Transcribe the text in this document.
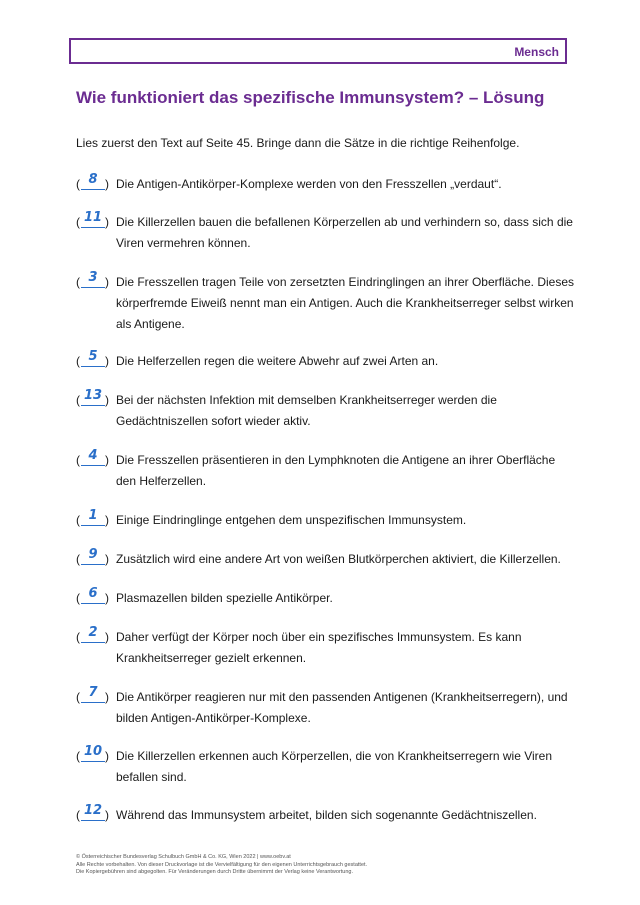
Mensch
Wie funktioniert das spezifische Immunsystem? – Lösung
Lies zuerst den Text auf Seite 45. Bringe dann die Sätze in die richtige Reihenfolge.
( 8 ) Die Antigen-Antikörper-Komplexe werden von den Fresszellen „verdaut“.
( 11 ) Die Killerzellen bauen die befallenen Körperzellen ab und verhindern so, dass sich die Viren vermehren können.
( 3 ) Die Fresszellen tragen Teile von zersetzten Eindringlingen an ihrer Oberfläche. Dieses körperfremde Eiweiß nennt man ein Antigen. Auch die Krankheitserreger selbst wirken als Antigene.
( 5 ) Die Helferzellen regen die weitere Abwehr auf zwei Arten an.
( 13 ) Bei der nächsten Infektion mit demselben Krankheitserreger werden die Gedächtniszellen sofort wieder aktiv.
( 4 ) Die Fresszellen präsentieren in den Lymphknoten die Antigene an ihrer Oberfläche den Helferzellen.
( 1 ) Einige Eindringlinge entgehen dem unspezifischen Immunsystem.
( 9 ) Zusätzlich wird eine andere Art von weißen Blutkörperchen aktiviert, die Killerzellen.
( 6 ) Plasmazellen bilden spezielle Antikörper.
( 2 ) Daher verfügt der Körper noch über ein spezifisches Immunsystem. Es kann Krankheitserreger gezielt erkennen.
( 7 ) Die Antikörper reagieren nur mit den passenden Antigenen (Krankheitserregern), und bilden Antigen-Antikörper-Komplexe.
( 10 ) Die Killerzellen erkennen auch Körperzellen, die von Krankheitserregern wie Viren befallen sind.
( 12 ) Während das Immunsystem arbeitet, bilden sich sogenannte Gedächtniszellen.
© Österreichischer Bundesverlag Schulbuch GmbH & Co. KG, Wien 2022 | www.oebv.at
Alle Rechte vorbehalten. Von dieser Druckvorlage ist die Vervielfältigung für den eigenen Unterrichtsgebrauch gestattet.
Die Kopiergebühren sind abgegolten. Für Veränderungen durch Dritte übernimmt der Verlag keine Verantwortung.
